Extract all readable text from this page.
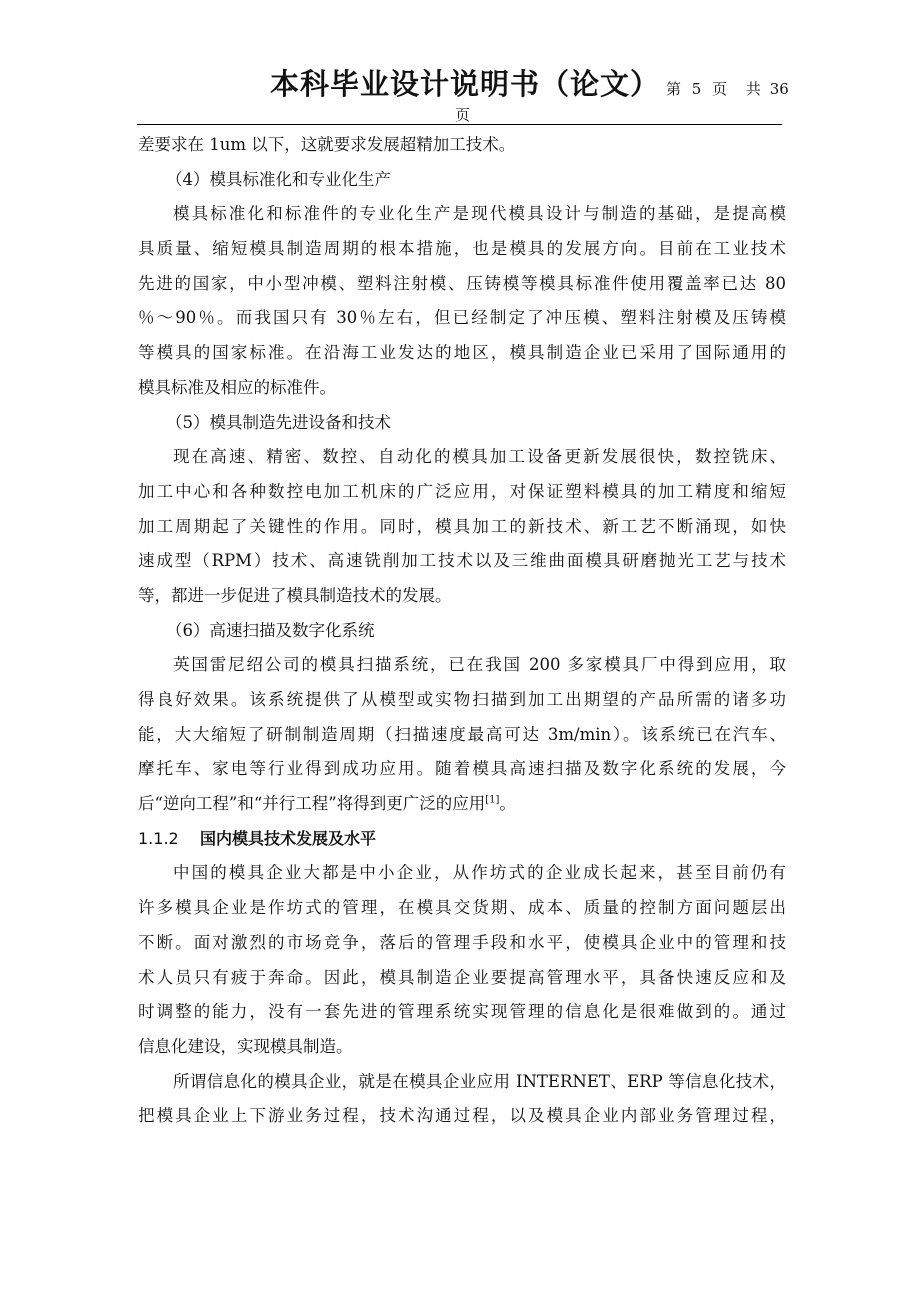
本科毕业设计说明书（论文） 第 5 页 共 36
页
差要求在 1um 以下，这就要求发展超精加工技术。
（4）模具标准化和专业化生产
模具标准化和标准件的专业化生产是现代模具设计与制造的基础，是提高模
具质量、缩短模具制造周期的根本措施，也是模具的发展方向。目前在工业技术
先进的国家，中小型冲模、塑料注射模、压铸模等模具标准件使用覆盖率已达 80
％～90％。而我国只有 30％左右，但已经制定了冲压模、塑料注射模及压铸模
等模具的国家标准。在沿海工业发达的地区，模具制造企业已采用了国际通用的
模具标准及相应的标准件。
（5）模具制造先进设备和技术
现在高速、精密、数控、自动化的模具加工设备更新发展很快，数控铣床、
加工中心和各种数控电加工机床的广泛应用，对保证塑料模具的加工精度和缩短
加工周期起了关键性的作用。同时，模具加工的新技术、新工艺不断涌现，如快
速成型（RPM）技术、高速铣削加工技术以及三维曲面模具研磨抛光工艺与技术
等，都进一步促进了模具制造技术的发展。
（6）高速扫描及数字化系统
英国雷尼绍公司的模具扫描系统，已在我国 200 多家模具厂中得到应用，取
得良好效果。该系统提供了从模型或实物扫描到加工出期望的产品所需的诸多功
能，大大缩短了研制制造周期（扫描速度最高可达 3m/min）。该系统已在汽车、
摩托车、家电等行业得到成功应用。随着模具高速扫描及数字化系统的发展，今
后“逆向工程”和“并行工程”将得到更广泛的应用[1]。
1.1.2 国内模具技术发展及水平
中国的模具企业大都是中小企业，从作坊式的企业成长起来，甚至目前仍有
许多模具企业是作坊式的管理，在模具交货期、成本、质量的控制方面问题层出
不断。面对激烈的市场竞争，落后的管理手段和水平，使模具企业中的管理和技
术人员只有疲于奔命。因此，模具制造企业要提高管理水平，具备快速反应和及
时调整的能力，没有一套先进的管理系统实现管理的信息化是很难做到的。通过
信息化建设，实现模具制造。
所谓信息化的模具企业，就是在模具企业应用 INTERNET、ERP 等信息化技术，
把模具企业上下游业务过程，技术沟通过程，以及模具企业内部业务管理过程，
